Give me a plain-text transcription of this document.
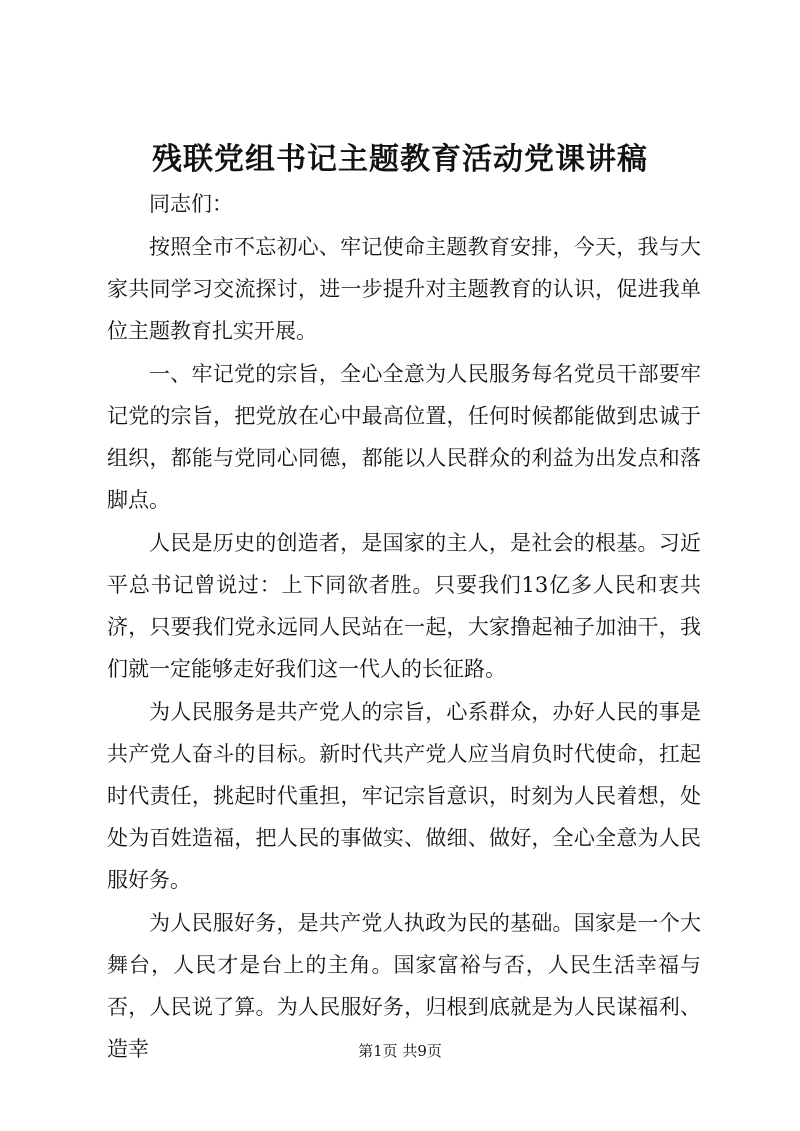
残联党组书记主题教育活动党课讲稿

同志们：

按照全市不忘初心、牢记使命主题教育安排，今天，我与大家共同学习交流探讨，进一步提升对主题教育的认识，促进我单位主题教育扎实开展。

一、牢记党的宗旨，全心全意为人民服务每名党员干部要牢记党的宗旨，把党放在心中最高位置，任何时候都能做到忠诚于组织，都能与党同心同德，都能以人民群众的利益为出发点和落脚点。

人民是历史的创造者，是国家的主人，是社会的根基。习近平总书记曾说过：上下同欲者胜。只要我们13亿多人民和衷共济，只要我们党永远同人民站在一起，大家撸起袖子加油干，我们就一定能够走好我们这一代人的长征路。

为人民服务是共产党人的宗旨，心系群众，办好人民的事是共产党人奋斗的目标。新时代共产党人应当肩负时代使命，扛起时代责任，挑起时代重担，牢记宗旨意识，时刻为人民着想，处处为百姓造福，把人民的事做实、做细、做好，全心全意为人民服好务。

为人民服好务，是共产党人执政为民的基础。国家是一个大舞台，人民才是台上的主角。国家富裕与否，人民生活幸福与否，人民说了算。为人民服好务，归根到底就是为人民谋福利、造幸	第1页 共9页
